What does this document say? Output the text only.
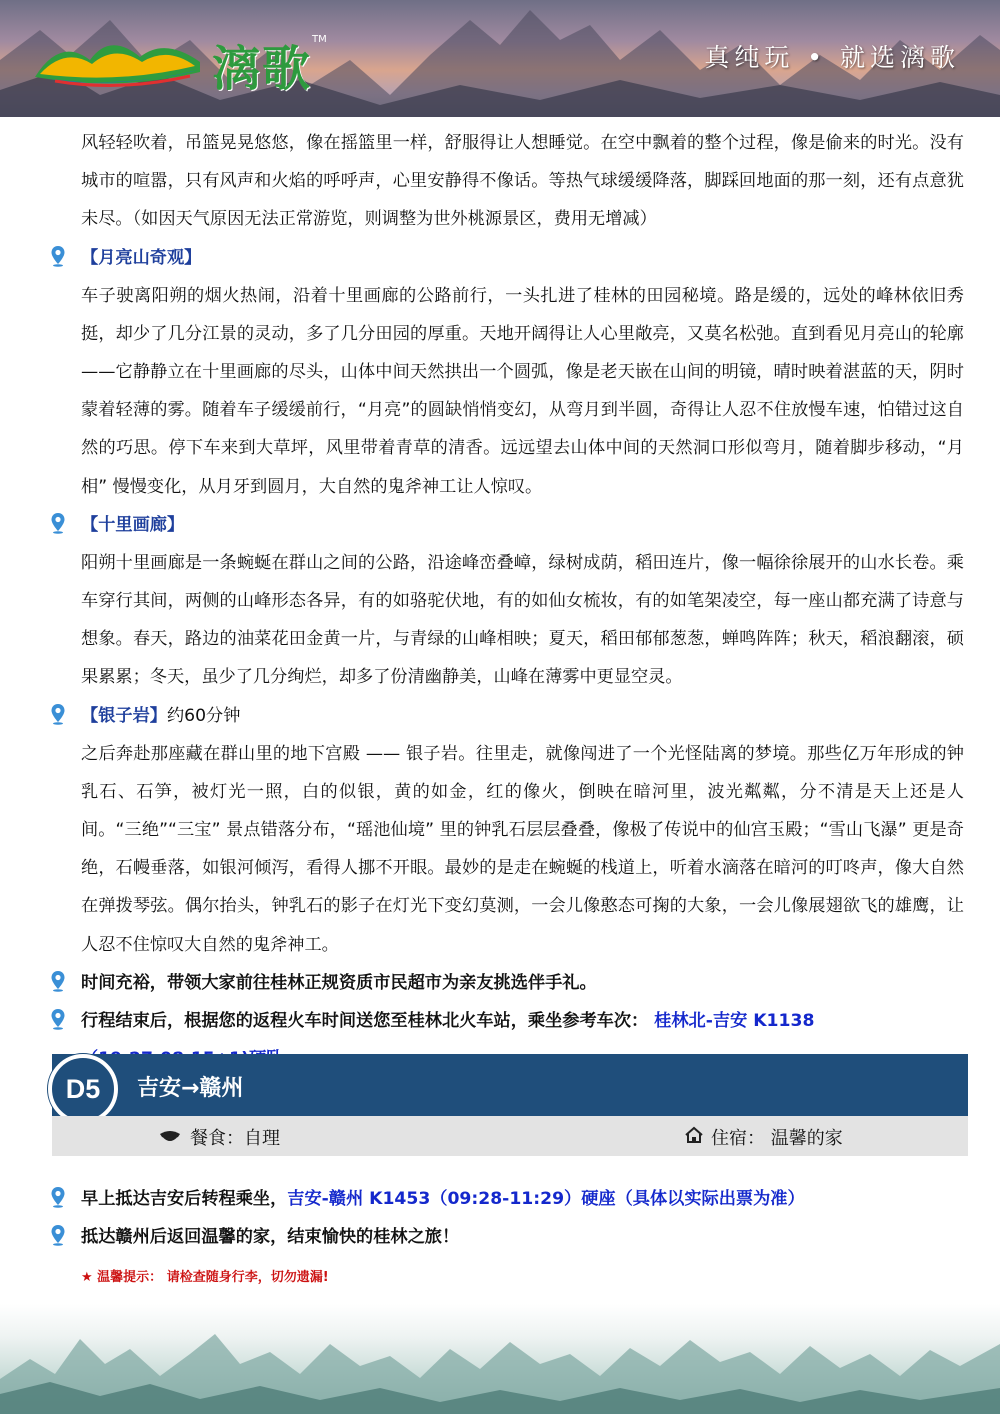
漓歌
TM
真纯玩 • 就选漓歌

风轻轻吹着，吊篮晃晃悠悠，像在摇篮里一样，舒服得让人想睡觉。在空中飘着的整个过程，像是偷来的时光。没有城市的喧嚣，只有风声和火焰的呼呼声，心里安静得不像话。等热气球缓缓降落，脚踩回地面的那一刻，还有点意犹未尽。（如因天气原因无法正常游览，则调整为世外桃源景区，费用无增减）

【月亮山奇观】

车子驶离阳朔的烟火热闹，沿着十里画廊的公路前行，一头扎进了桂林的田园秘境。路是缓的，远处的峰林依旧秀挺，却少了几分江景的灵动，多了几分田园的厚重。天地开阔得让人心里敞亮，又莫名松弛。直到看见月亮山的轮廓——它静静立在十里画廊的尽头，山体中间天然拱出一个圆弧，像是老天嵌在山间的明镜，晴时映着湛蓝的天，阴时蒙着轻薄的雾。随着车子缓缓前行，“月亮”的圆缺悄悄变幻，从弯月到半圆，奇得让人忍不住放慢车速，怕错过这自然的巧思。停下车来到大草坪，风里带着青草的清香。远远望去山体中间的天然洞口形似弯月，随着脚步移动，“月相” 慢慢变化，从月牙到圆月，大自然的鬼斧神工让人惊叹。

【十里画廊】

阳朔十里画廊是一条蜿蜒在群山之间的公路，沿途峰峦叠嶂，绿树成荫，稻田连片，像一幅徐徐展开的山水长卷。乘车穿行其间，两侧的山峰形态各异，有的如骆驼伏地，有的如仙女梳妆，有的如笔架凌空，每一座山都充满了诗意与想象。春天，路边的油菜花田金黄一片，与青绿的山峰相映；夏天，稻田郁郁葱葱，蝉鸣阵阵；秋天，稻浪翻滚，硕果累累；冬天，虽少了几分绚烂，却多了份清幽静美，山峰在薄雾中更显空灵。

【银子岩】约60分钟

之后奔赴那座藏在群山里的地下宫殿 —— 银子岩。往里走，就像闯进了一个光怪陆离的梦境。那些亿万年形成的钟乳石、石笋，被灯光一照，白的似银，黄的如金，红的像火，倒映在暗河里，波光粼粼，分不清是天上还是人间。“三绝”“三宝” 景点错落分布，“瑶池仙境” 里的钟乳石层层叠叠，像极了传说中的仙宫玉殿；“雪山飞瀑” 更是奇绝，石幔垂落，如银河倾泻，看得人挪不开眼。最妙的是走在蜿蜒的栈道上，听着水滴落在暗河的叮咚声，像大自然在弹拨琴弦。偶尔抬头，钟乳石的影子在灯光下变幻莫测，一会儿像憨态可掬的大象，一会儿像展翅欲飞的雄鹰，让人忍不住惊叹大自然的鬼斧神工。

时间充裕，带领大家前往桂林正规资质市民超市为亲友挑选伴手礼。
行程结束后，根据您的返程火车时间送您至桂林北火车站，乘坐参考车次： 桂林北-吉安 K1138
D5	吉安→赣州
餐食：自理	住宿： 温馨的家
早上抵达吉安后转程乘坐，吉安-赣州 K1453（09:28-11:29）硬座（具体以实际出票为准）
抵达赣州后返回温馨的家，结束愉快的桂林之旅！
★ 温馨提示： 请检查随身行李，切勿遗漏!
